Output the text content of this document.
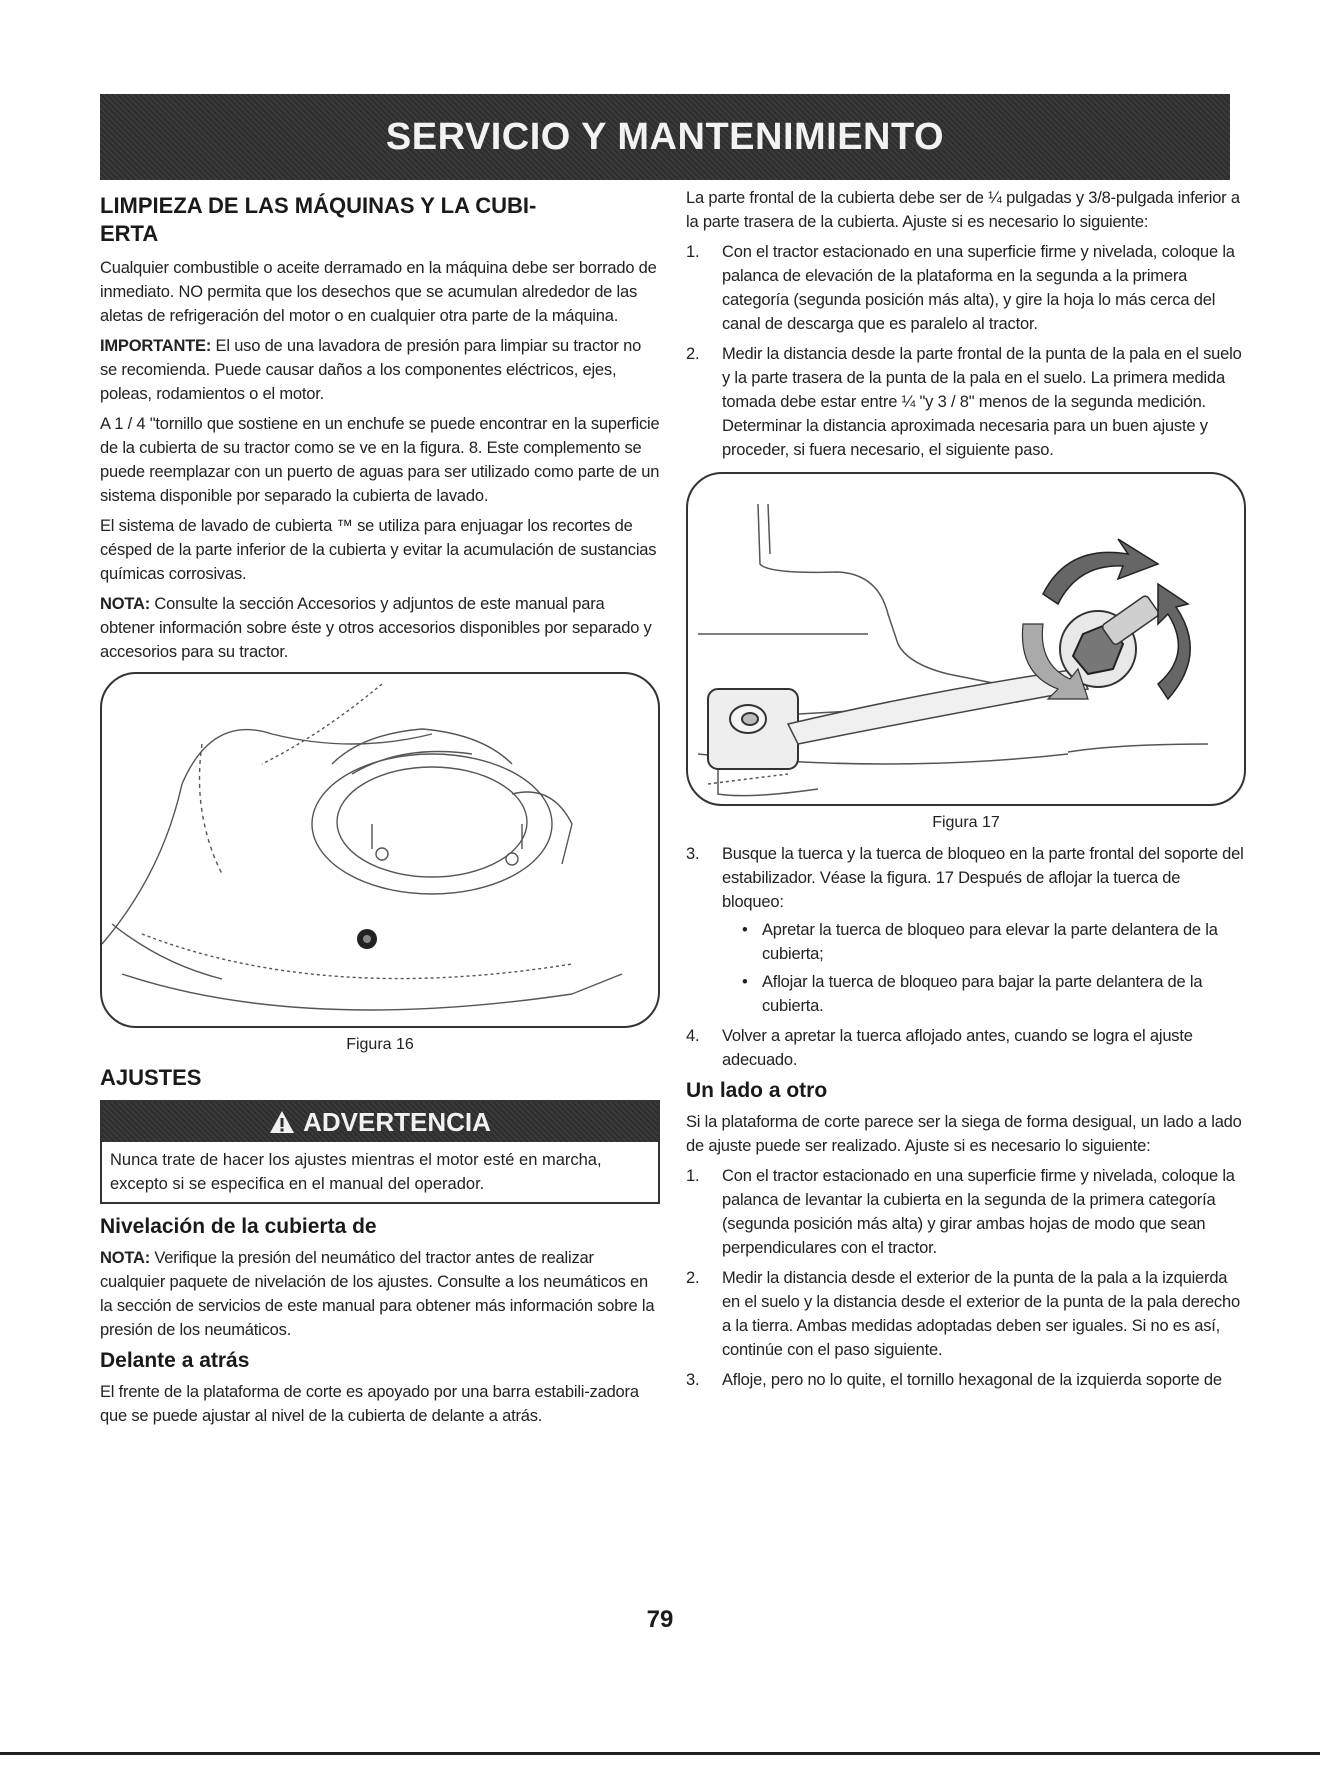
SERVICIO Y MANTENIMIENTO
LIMPIEZA DE LAS MÁQUINAS Y LA CUBI-
ERTA

Cualquier combustible o aceite derramado en la máquina debe ser borrado de inmediato. NO permita que los desechos que se acumulan alrededor de las aletas de refrigeración del motor o en cualquier otra parte de la máquina.

IMPORTANTE: El uso de una lavadora de presión para limpiar su tractor no se recomienda. Puede causar daños a los componentes eléctricos, ejes, poleas, rodamientos o el motor.

A 1 / 4 "tornillo que sostiene en un enchufe se puede encontrar en la superficie de la cubierta de su tractor como se ve en la figura. 8. Este complemento se puede reemplazar con un puerto de aguas para ser utilizado como parte de un sistema disponible por separado la cubierta de lavado.

El sistema de lavado de cubierta ™ se utiliza para enjuagar los recortes de césped de la parte inferior de la cubierta y evitar la acumulación de sustancias químicas corrosivas.

NOTA: Consulte la sección Accesorios y adjuntos de este manual para obtener información sobre éste y otros accesorios disponibles por separado y accesorios para su tractor.

Figura 16
AJUSTES
ADVERTENCIA
Nunca trate de hacer los ajustes mientras el motor esté en marcha, excepto si se especifica en el manual del operador.
Nivelación de la cubierta de

NOTA: Verifique la presión del neumático del tractor antes de realizar cualquier paquete de nivelación de los ajustes. Consulte a los neumáticos en la sección de servicios de este manual para obtener más información sobre la presión de los neumáticos.

Delante a atrás

El frente de la plataforma de corte es apoyado por una barra estabili-zadora que se puede ajustar al nivel de la cubierta de delante a atrás.

La parte frontal de la cubierta debe ser de ¼ pulgadas y 3/8-pulgada inferior a la parte trasera de la cubierta. Ajuste si es necesario lo siguiente:

1. Con el tractor estacionado en una superficie firme y nivelada, coloque la palanca de elevación de la plataforma en la segunda a la primera categoría (segunda posición más alta), y gire la hoja lo más cerca del canal de descarga que es paralelo al tractor.
2. Medir la distancia desde la parte frontal de la punta de la pala en el suelo y la parte trasera de la punta de la pala en el suelo. La primera medida tomada debe estar entre ¼ "y 3 / 8" menos de la segunda medición. Determinar la distancia aproximada necesaria para un buen ajuste y proceder, si fuera necesario, el siguiente paso.
Figura 17
3. Busque la tuerca y la tuerca de bloqueo en la parte frontal del soporte del estabilizador. Véase la figura. 17 Después de aflojar la tuerca de bloqueo:
• Apretar la tuerca de bloqueo para elevar la parte delantera de la cubierta;
• Aflojar la tuerca de bloqueo para bajar la parte delantera de la cubierta.
4. Volver a apretar la tuerca aflojado antes, cuando se logra el ajuste adecuado.
Un lado a otro

Si la plataforma de corte parece ser la siega de forma desigual, un lado a lado de ajuste puede ser realizado. Ajuste si es necesario lo siguiente:

1. Con el tractor estacionado en una superficie firme y nivelada, coloque la palanca de levantar la cubierta en la segunda de la primera categoría (segunda posición más alta) y girar ambas hojas de modo que sean perpendiculares con el tractor.
2. Medir la distancia desde el exterior de la punta de la pala a la izquierda en el suelo y la distancia desde el exterior de la punta de la pala derecho a la tierra. Ambas medidas adoptadas deben ser iguales. Si no es así, continúe con el paso siguiente.
3. Afloje, pero no lo quite, el tornillo hexagonal de la izquierda soporte de
79
